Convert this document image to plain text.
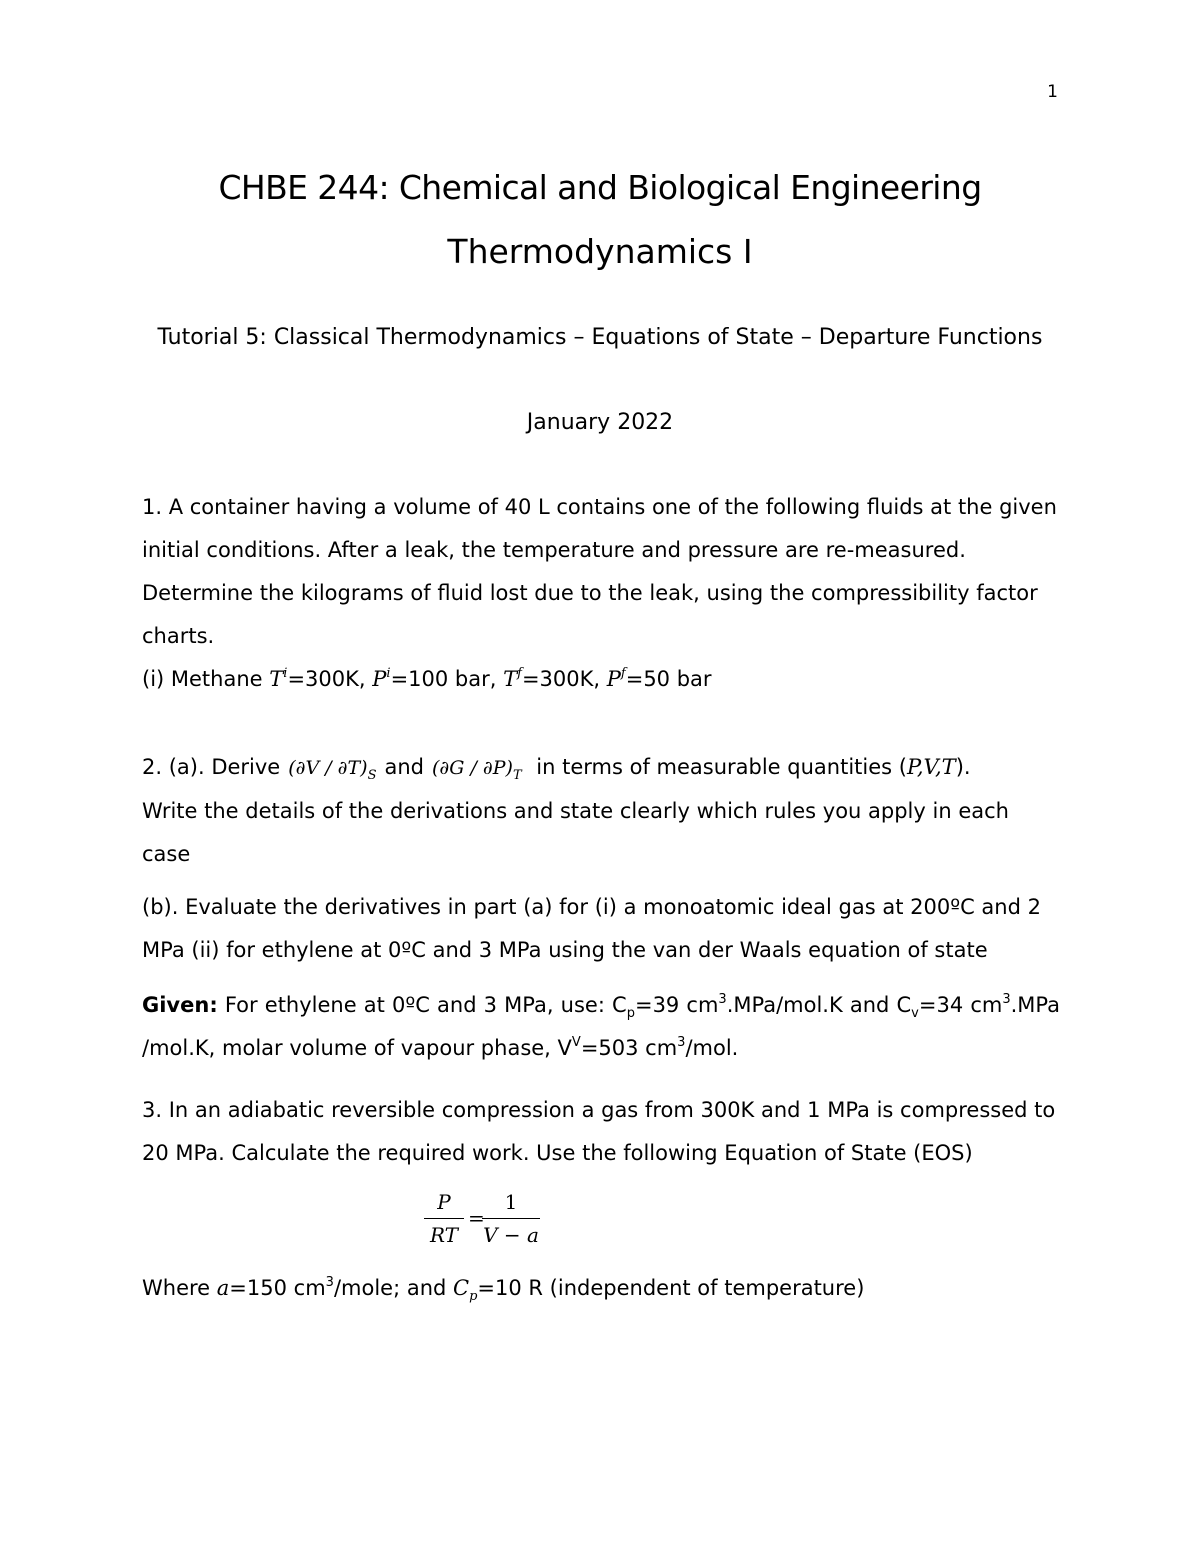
1
CHBE 244: Chemical and Biological Engineering
Thermodynamics I
Tutorial 5: Classical Thermodynamics – Equations of State – Departure Functions
January 2022
1. A container having a volume of 40 L contains one of the following fluids at the given initial conditions. After a leak, the temperature and pressure are re-measured. Determine the kilograms of fluid lost due to the leak, using the compressibility factor charts.
(i) Methane $T^i=300K$, $P^i=100$ bar, $T^f=300K$, $P^f=50$ bar
2. (a). Derive $(\partial V / \partial T)_S$ and $(\partial G / \partial P)_T$ in terms of measurable quantities (P,V,T).
Write the details of the derivations and state clearly which rules you apply in each case
(b). Evaluate the derivatives in part (a) for (i) a monoatomic ideal gas at 200ºC and 2 MPa (ii) for ethylene at 0ºC and 3 MPa using the van der Waals equation of state
Given: For ethylene at 0ºC and 3 MPa, use: $C_p=39$ $cm^3.MPa/mol.K$ and $C_v=34$ $cm^3.MPa$ /mol.K, molar volume of vapour phase, $V^V=503$ $cm^3$/mol.
3. In an adiabatic reversible compression a gas from 300K and 1 MPa is compressed to 20 MPa. Calculate the required work. Use the following Equation of State (EOS)
P
RT
=
1
V − a
Where a=150 $cm^3$/mole; and $C_p=10$ R (independent of temperature)
